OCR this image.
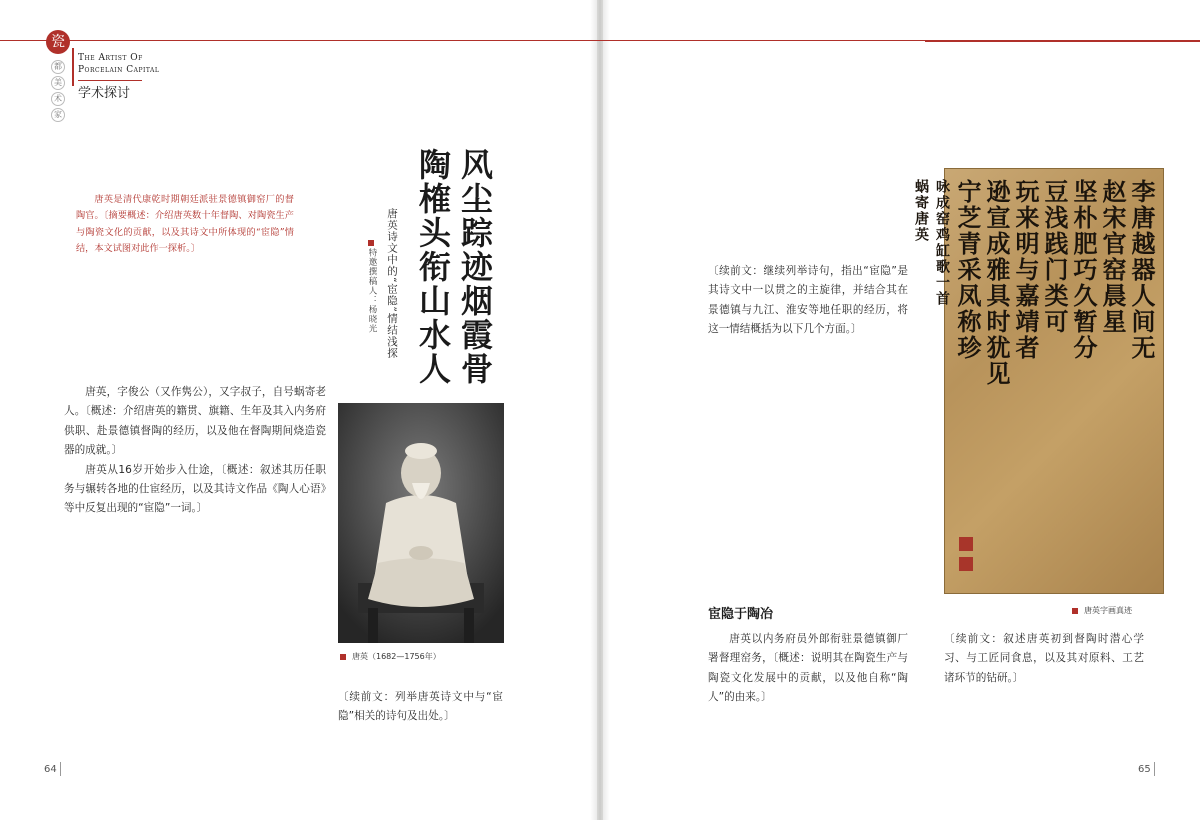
瓷
都
美
术
家
The Artist Of
Porcelain Capital
学术探讨
唐英是清代康乾时期朝廷派驻景德镇御窑厂的督陶官。〔摘要概述：介绍唐英数十年督陶、对陶瓷生产与陶瓷文化的贡献，以及其诗文中所体现的“宦隐”情结，本文试图对此作一探析。〕	风尘踪迹烟霞骨
陶榷头衔山水人
唐英诗文中的“宦隐”情结浅探
特邀撰稿人：杨晓光

唐英，字俊公（又作隽公），又字叔子，自号蜗寄老人。〔概述：介绍唐英的籍贯、旗籍、生年及其入内务府供职、赴景德镇督陶的经历，以及他在督陶期间烧造瓷器的成就。〕

唐英从16岁开始步入仕途，〔概述：叙述其历任职务与辗转各地的仕宦经历，以及其诗文作品《陶人心语》等中反复出现的“宦隐”一词。〕

唐英（1682—1756年）

〔续前文：列举唐英诗文中与“宦隐”相关的诗句及出处。〕

〔续前文：继续列举诗句，指出“宦隐”是其诗文中一以贯之的主旋律，并结合其在景德镇与九江、淮安等地任职的经历，将这一情结概括为以下几个方面。〕

宦隐于陶冶

唐英以内务府员外郎衔驻景德镇御厂署督理窑务，〔概述：说明其在陶瓷生产与陶瓷文化发展中的贡献，以及他自称“陶人”的由来。〕

〔续前文：叙述唐英初到督陶时潜心学习、与工匠同食息，以及其对原料、工艺诸环节的钻研。〕

李唐越器人间无
赵宋官窑晨星
坚朴肥巧久暂分
豆浅践门类可
玩来明与嘉靖者
逊宣成雅具时犹见
宁芝青采凤称珍
咏成窑鸡缸歌一首
蜗寄唐英
唐英字画真迹
64	65
